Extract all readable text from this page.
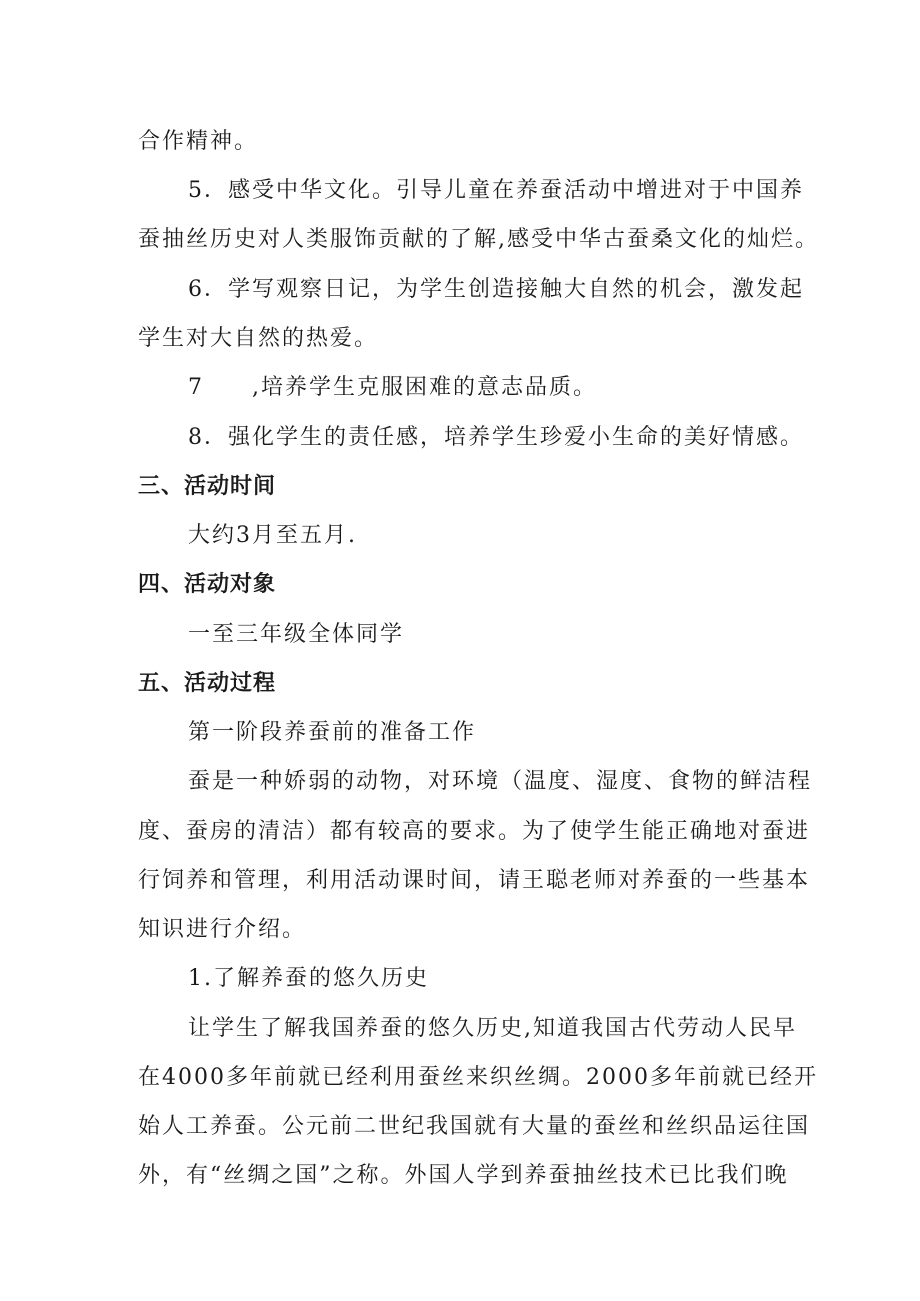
合作精神。
5．感受中华文化。引导儿童在养蚕活动中增进对于中国养
蚕抽丝历史对人类服饰贡献的了解,感受中华古蚕桑文化的灿烂。
6．学写观察日记，为学生创造接触大自然的机会，激发起
学生对大自然的热爱。
7 ,培养学生克服困难的意志品质。
8．强化学生的责任感，培养学生珍爱小生命的美好情感。
三、活动时间
大约3月至五月.
四、活动对象
一至三年级全体同学
五、活动过程
第一阶段养蚕前的准备工作
蚕是一种娇弱的动物，对环境（温度、湿度、食物的鲜洁程
度、蚕房的清洁）都有较高的要求。为了使学生能正确地对蚕进
行饲养和管理，利用活动课时间，请王聪老师对养蚕的一些基本
知识进行介绍。
1.了解养蚕的悠久历史
让学生了解我国养蚕的悠久历史,知道我国古代劳动人民早
在4000多年前就已经利用蚕丝来织丝绸。2000多年前就已经开
始人工养蚕。公元前二世纪我国就有大量的蚕丝和丝织品运往国
外，有“丝绸之国”之称。外国人学到养蚕抽丝技术已比我们晚
